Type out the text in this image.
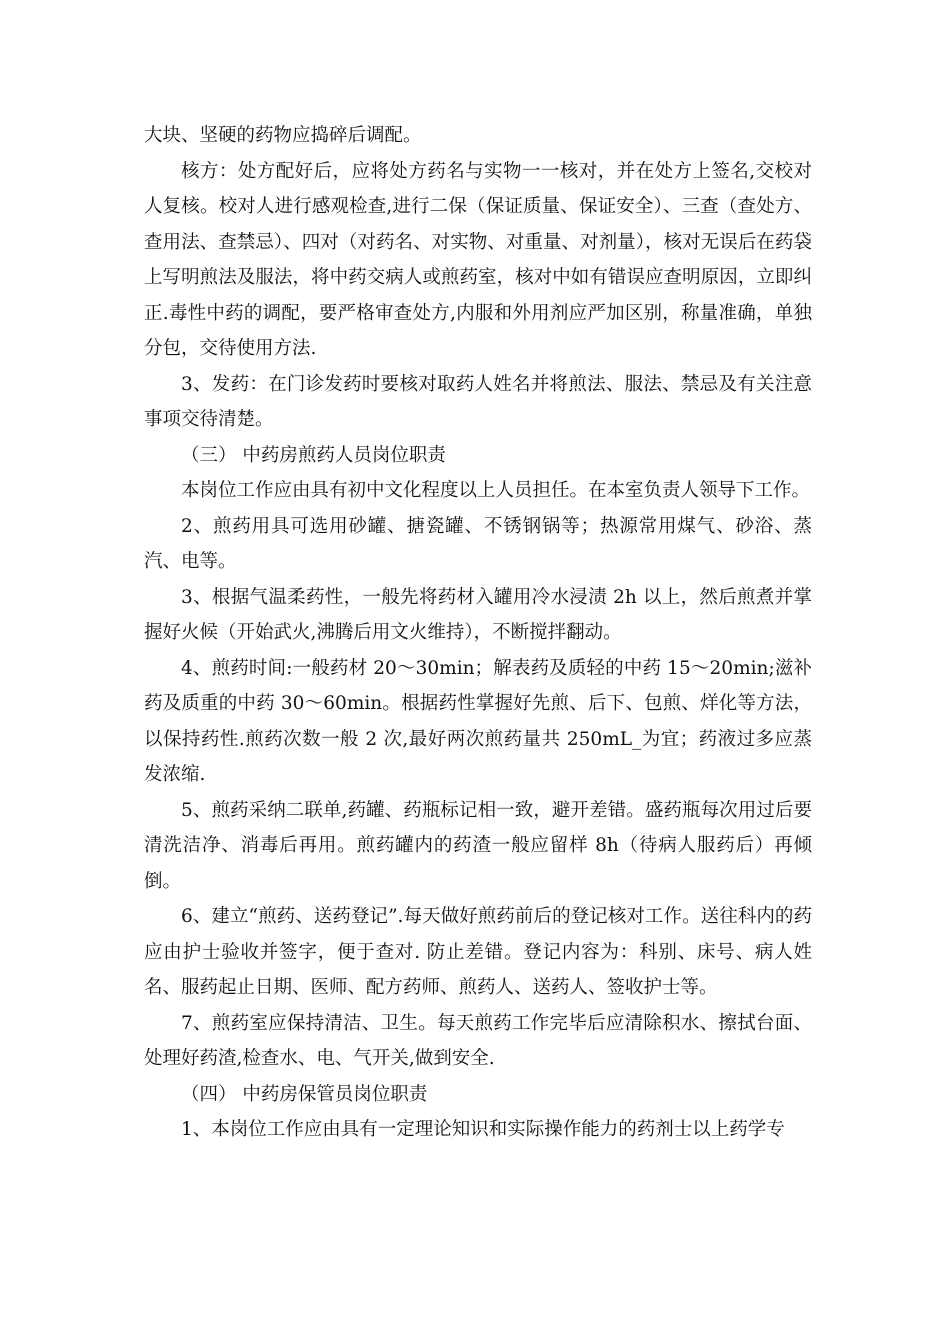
大块、坚硬的药物应捣碎后调配。

核方：处方配好后，应将处方药名与实物一一核对，并在处方上签名,交校对人复核。校对人进行感观检查,进行二保（保证质量、保证安全）、三查（查处方、查用法、查禁忌）、四对（对药名、对实物、对重量、对剂量），核对无误后在药袋上写明煎法及服法，将中药交病人或煎药室，核对中如有错误应查明原因，立即纠正.毒性中药的调配，要严格审查处方,内服和外用剂应严加区别，称量准确，单独分包，交待使用方法.

3、发药：在门诊发药时要核对取药人姓名并将煎法、服法、禁忌及有关注意事项交待清楚。

（三） 中药房煎药人员岗位职责

本岗位工作应由具有初中文化程度以上人员担任。在本室负责人领导下工作。

2、煎药用具可选用砂罐、搪瓷罐、不锈钢锅等；热源常用煤气、砂浴、蒸汽、电等。

3、根据气温柔药性，一般先将药材入罐用冷水浸渍 2h 以上，然后煎煮并掌握好火候（开始武火,沸腾后用文火维持），不断搅拌翻动。

4、煎药时间:一般药材 20～30min；解表药及质轻的中药 15～20min;滋补药及质重的中药 30～60min。根据药性掌握好先煎、后下、包煎、烊化等方法，以保持药性.煎药次数一般 2 次,最好两次煎药量共 250mL_为宜；药液过多应蒸发浓缩.

5、煎药采纳二联单,药罐、药瓶标记相一致，避开差错。盛药瓶每次用过后要清洗洁净、消毒后再用。煎药罐内的药渣一般应留样 8h（待病人服药后）再倾倒。

6、建立“煎药、送药登记”.每天做好煎药前后的登记核对工作。送往科内的药应由护士验收并签字，便于查对. 防止差错。登记内容为：科别、床号、病人姓名、服药起止日期、医师、配方药师、煎药人、送药人、签收护士等。

7、煎药室应保持清洁、卫生。每天煎药工作完毕后应清除积水、擦拭台面、处理好药渣,检查水、电、气开关,做到安全.

（四） 中药房保管员岗位职责

1、本岗位工作应由具有一定理论知识和实际操作能力的药剂士以上药学专
